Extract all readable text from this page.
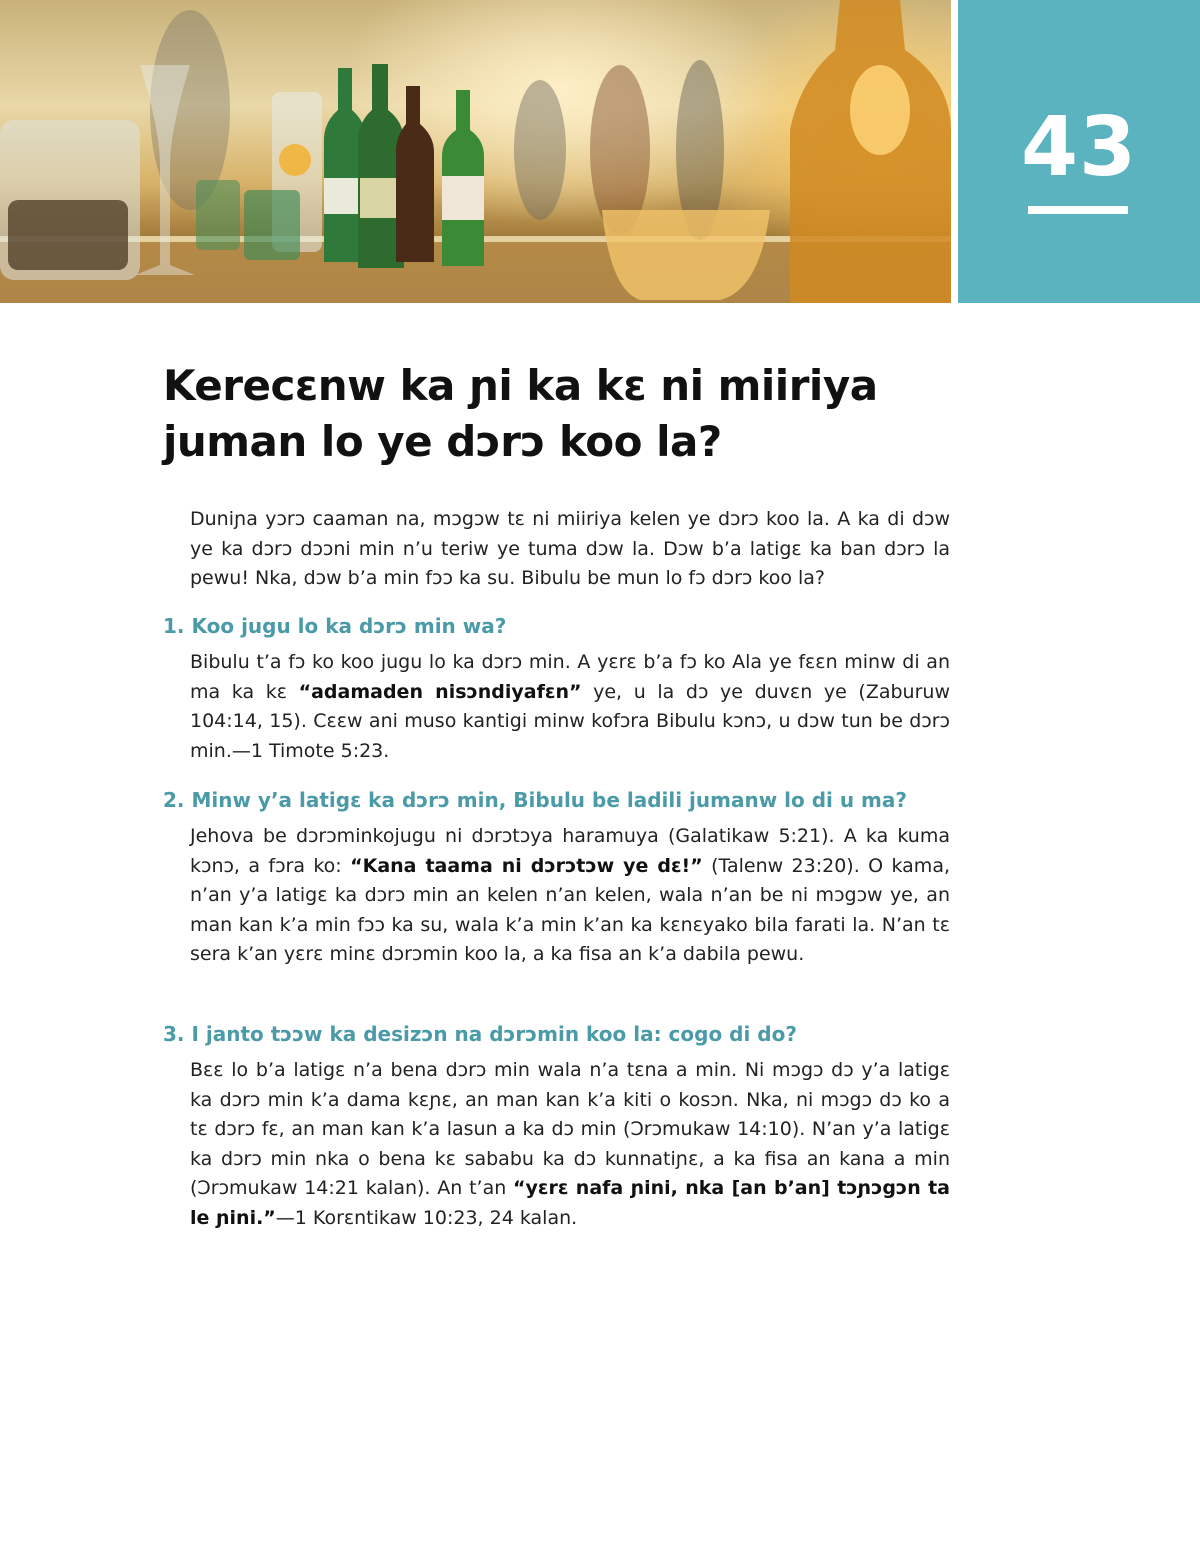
43
Kerecɛnw ka ɲi ka kɛ ni miiriya juman lo ye dɔrɔ koo la?

Duniɲa yɔrɔ caaman na, mɔgɔw tɛ ni miiriya kelen ye dɔrɔ koo la. A ka di dɔw ye ka dɔrɔ dɔɔni min n’u teriw ye tuma dɔw la. Dɔw b’a latigɛ ka ban dɔrɔ la pewu! Nka, dɔw b’a min fɔɔ ka su. Bibulu be mun lo fɔ dɔrɔ koo la?

1. Koo jugu lo ka dɔrɔ min wa?

Bibulu t’a fɔ ko koo jugu lo ka dɔrɔ min. A yɛrɛ b’a fɔ ko Ala ye fɛɛn minw di an ma ka kɛ “adamaden nisɔndiyafɛn” ye, u la dɔ ye duvɛn ye (Zaburuw 104:14, 15). Cɛɛw ani muso kantigi minw kofɔra Bibulu kɔnɔ, u dɔw tun be dɔrɔ min.—1 Timote 5:23.

2. Minw y’a latigɛ ka dɔrɔ min, Bibulu be ladili jumanw lo di u ma?

Jehova be dɔrɔminkojugu ni dɔrɔtɔya haramuya (Galatikaw 5:21). A ka kuma kɔnɔ, a fɔra ko: “Kana taama ni dɔrɔtɔw ye dɛ!” (Talenw 23:20). O kama, n’an y’a latigɛ ka dɔrɔ min an kelen n’an kelen, wala n’an be ni mɔgɔw ye, an man kan k’a min fɔɔ ka su, wala k’a min k’an ka kɛnɛyako bila farati la. N’an tɛ sera k’an yɛrɛ minɛ dɔrɔmin koo la, a ka fisa an k’a dabila pewu.

3. I janto tɔɔw ka desizɔn na dɔrɔmin koo la: cogo di do?

Bɛɛ lo b’a latigɛ n’a bena dɔrɔ min wala n’a tɛna a min. Ni mɔgɔ dɔ y’a latigɛ ka dɔrɔ min k’a dama kɛɲɛ, an man kan k’a kiti o kosɔn. Nka, ni mɔgɔ dɔ ko a tɛ dɔrɔ fɛ, an man kan k’a lasun a ka dɔ min (Ɔrɔmukaw 14:10). N’an y’a latigɛ ka dɔrɔ min nka o bena kɛ sababu ka dɔ kunnatiɲɛ, a ka fisa an kana a min (Ɔrɔmukaw 14:21 kalan). An t’an “yɛrɛ nafa ɲini, nka [an b’an] tɔɲɔgɔn ta le ɲini.”—1 Korɛntikaw 10:23, 24 kalan.
